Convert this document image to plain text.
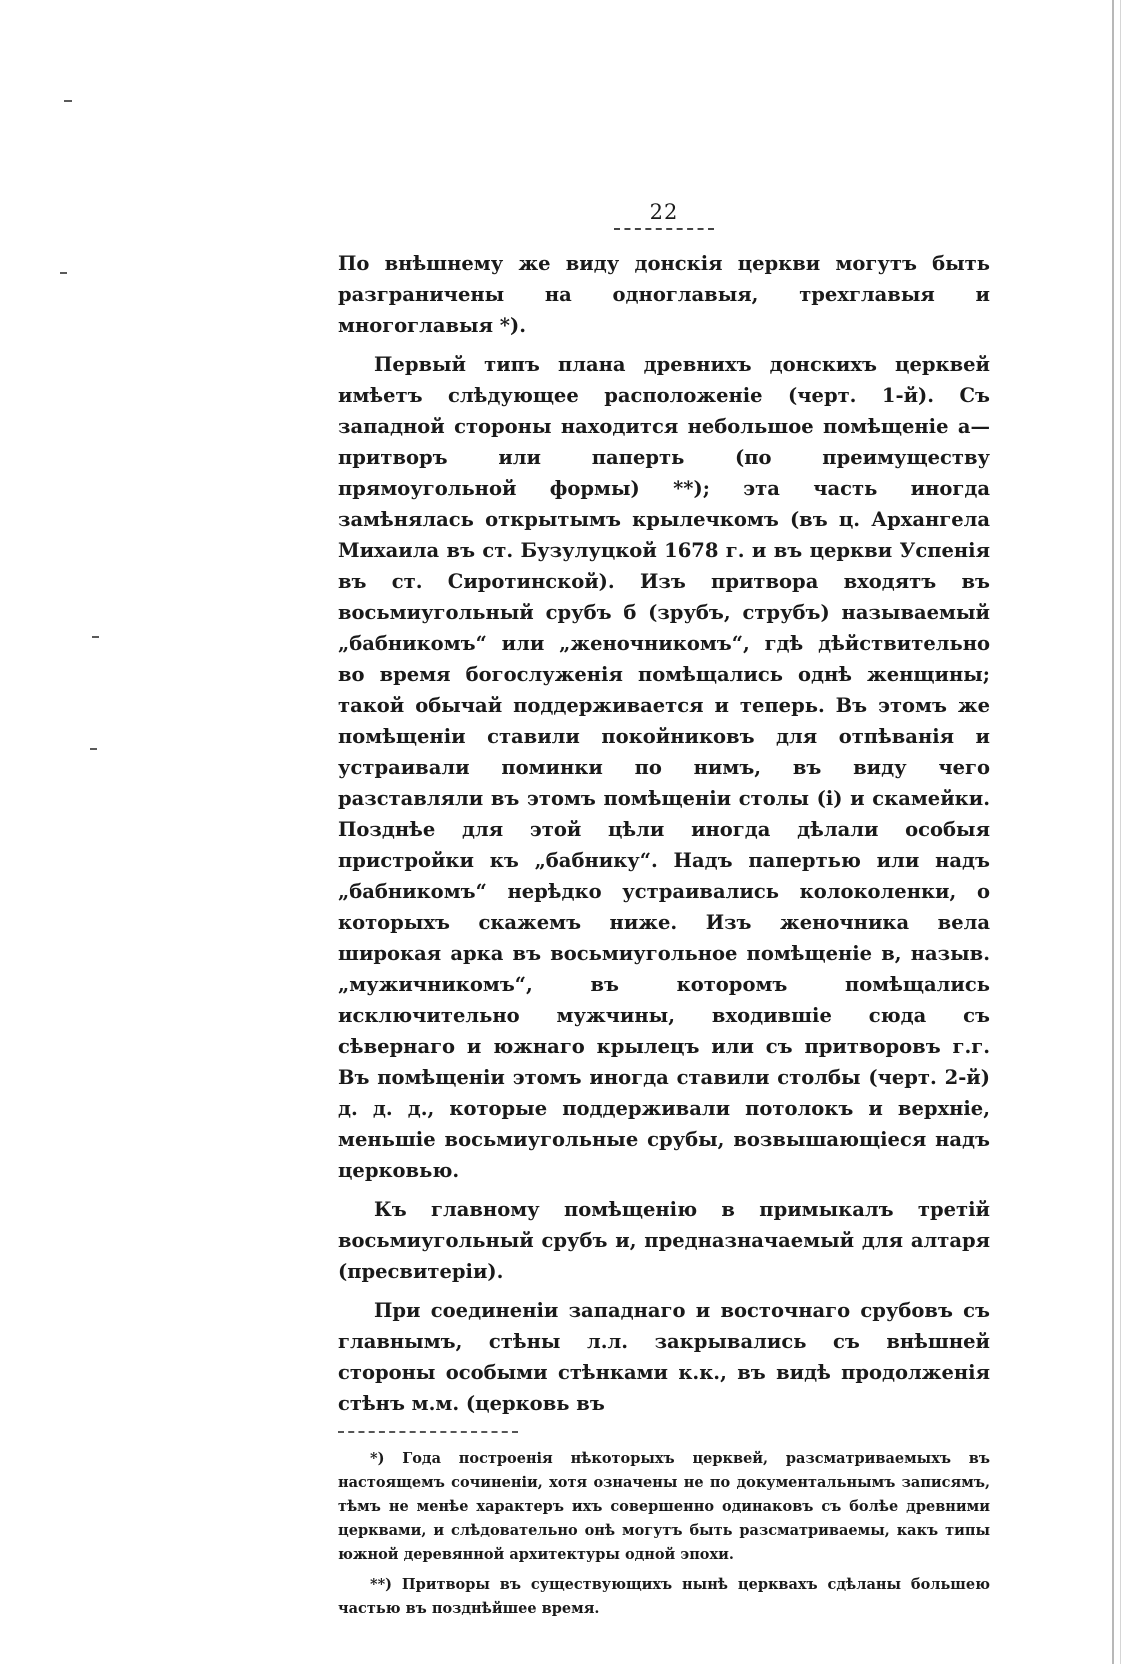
22

По внѣшнему же виду донскія церкви могутъ быть разграничены на одноглавыя, трехглавыя и многоглавыя *).

Первый типъ плана древнихъ донскихъ церквей имѣетъ слѣдующее расположеніе (черт. 1-й). Съ западной стороны находится небольшое помѣщеніе а—притворъ или паперть (по преимуществу прямоугольной формы) **); эта часть иногда замѣнялась открытымъ крылечкомъ (въ ц. Архангела Михаила въ ст. Бузулуцкой 1678 г. и въ церкви Успенія въ ст. Сиротинской). Изъ притвора входятъ въ восьмиугольный срубъ б (зрубъ, струбъ) называемый „бабникомъ“ или „женочникомъ“, гдѣ дѣйствительно во время богослуженія помѣщались однѣ женщины; такой обычай поддерживается и теперь. Въ этомъ же помѣщеніи ставили покойниковъ для отпѣванія и устраивали поминки по нимъ, въ виду чего разставляли въ этомъ помѣщеніи столы (і) и скамейки. Позднѣе для этой цѣли иногда дѣлали особыя пристройки къ „бабнику“. Надъ папертью или надъ „бабникомъ“ нерѣдко устраивались колоколенки, о которыхъ скажемъ ниже. Изъ женочника вела широкая арка въ восьмиугольное помѣщеніе в, назыв. „мужичникомъ“, въ которомъ помѣщались исключительно мужчины, входившіе сюда съ сѣвернаго и южнаго крылецъ или съ притворовъ г.г. Въ помѣщеніи этомъ иногда ставили столбы (черт. 2-й) д. д. д., которые поддерживали потолокъ и верхніе, меньшіе восьмиугольные срубы, возвышающіеся надъ церковью.

Къ главному помѣщенію в примыкалъ третій восьмиугольный срубъ и, предназначаемый для алтаря (пресвитеріи).

При соединеніи западнаго и восточнаго срубовъ съ главнымъ, стѣны л.л. закрывались съ внѣшней стороны особыми стѣнками к.к., въ видѣ продолженія стѣнъ м.м. (церковь въ

*) Года построенія нѣкоторыхъ церквей, разсматриваемыхъ въ настоящемъ сочиненіи, хотя означены не по документальнымъ записямъ, тѣмъ не менѣе характеръ ихъ совершенно одинаковъ съ болѣе древними церквами, и слѣдовательно онѣ могутъ быть разсматриваемы, какъ типы южной деревянной архитектуры одной эпохи.

**) Притворы въ существующихъ нынѣ церквахъ сдѣланы большею частью въ позднѣйшее время.
